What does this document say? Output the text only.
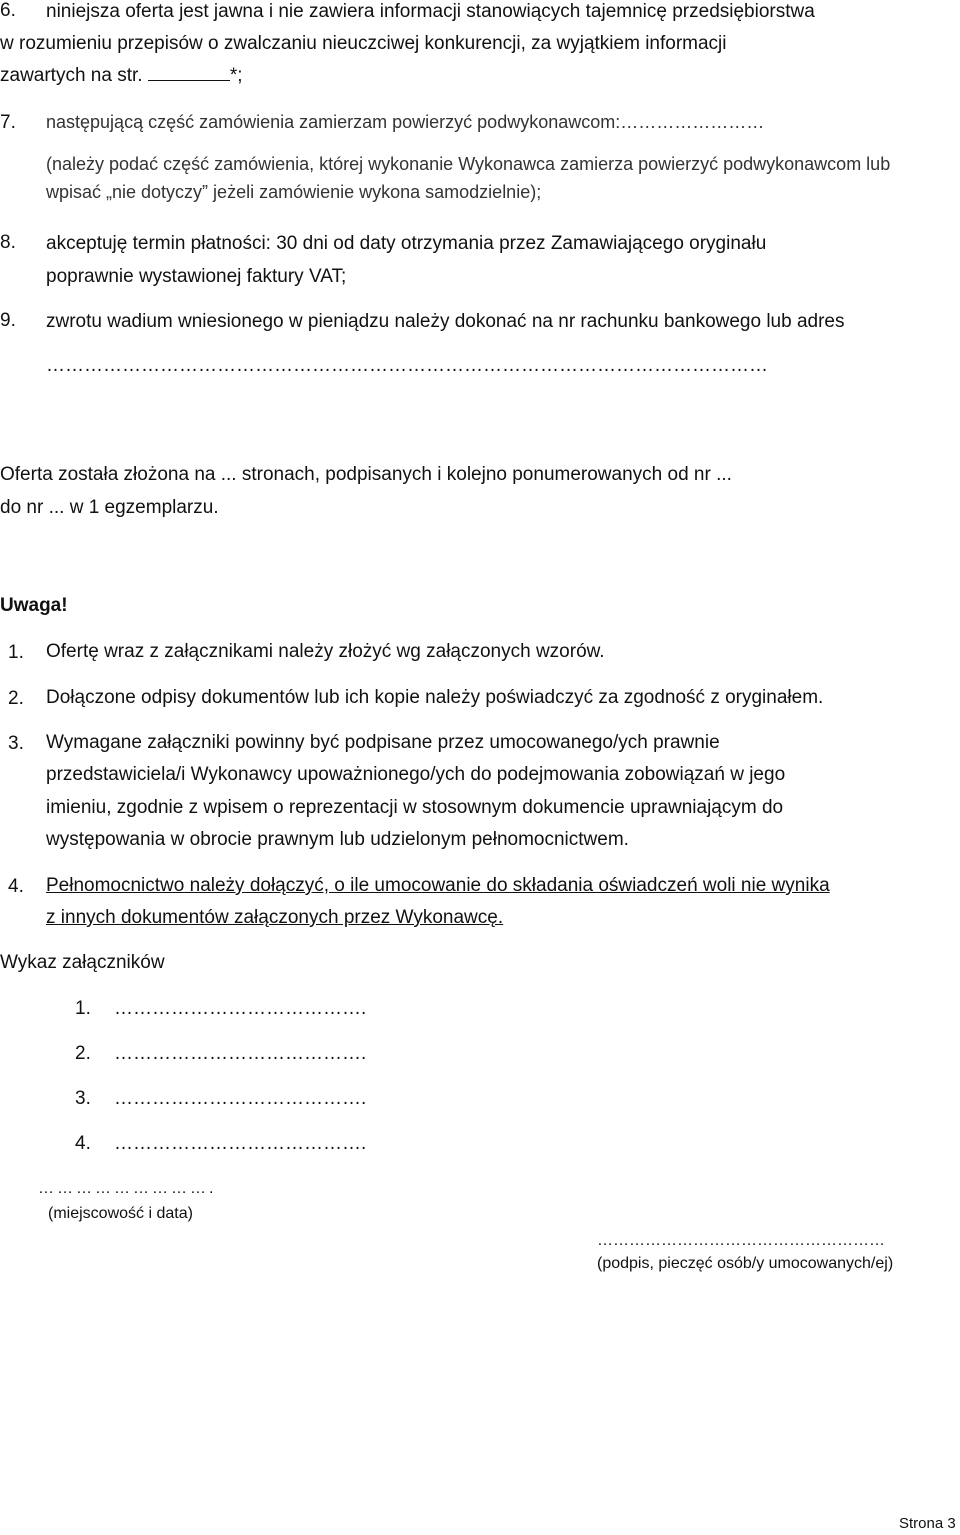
6. niniejsza oferta jest jawna i nie zawiera informacji stanowiących tajemnicę przedsiębiorstwa
w rozumieniu przepisów o zwalczaniu nieuczciwej konkurencji, za wyjątkiem informacji
zawartych na str.	*;
7. następującą część zamówienia zamierzam powierzyć podwykonawcom:……………………
(należy podać część zamówienia, której wykonanie Wykonawca zamierza powierzyć podwykonawcom lub
wpisać „nie dotyczy” jeżeli zamówienie wykona samodzielnie);
8. akceptuję termin płatności: 30 dni od daty otrzymania przez Zamawiającego oryginału
poprawnie wystawionej faktury VAT;
9. zwrotu wadium wniesionego w pieniądzu należy dokonać na nr rachunku bankowego lub adres
……………………………………………………………………………………………………
Oferta została złożona na ... stronach, podpisanych i kolejno ponumerowanych od nr ...
do nr ... w 1 egzemplarzu.
Uwaga!
1. Ofertę wraz z załącznikami należy złożyć wg załączonych wzorów.
2. Dołączone odpisy dokumentów lub ich kopie należy poświadczyć za zgodność z oryginałem.
3. Wymagane załączniki powinny być podpisane przez umocowanego/ych prawnie
przedstawiciela/i Wykonawcy upoważnionego/ych do podejmowania zobowiązań w jego
imieniu, zgodnie z wpisem o reprezentacji w stosownym dokumencie uprawniającym do
występowania w obrocie prawnym lub udzielonym pełnomocnictwem.
4. Pełnomocnictwo należy dołączyć, o ile umocowanie do składania oświadczeń woli nie wynika
z innych dokumentów załączonych przez Wykonawcę.
Wykaz załączników
1. ………………………………….
2. ………………………………….
3. ………………………………….
4. ………………………………….
……………………….
(miejscowość i data)
………………………………………………
(podpis, pieczęć osób/y umocowanych/ej)
Strona 3
